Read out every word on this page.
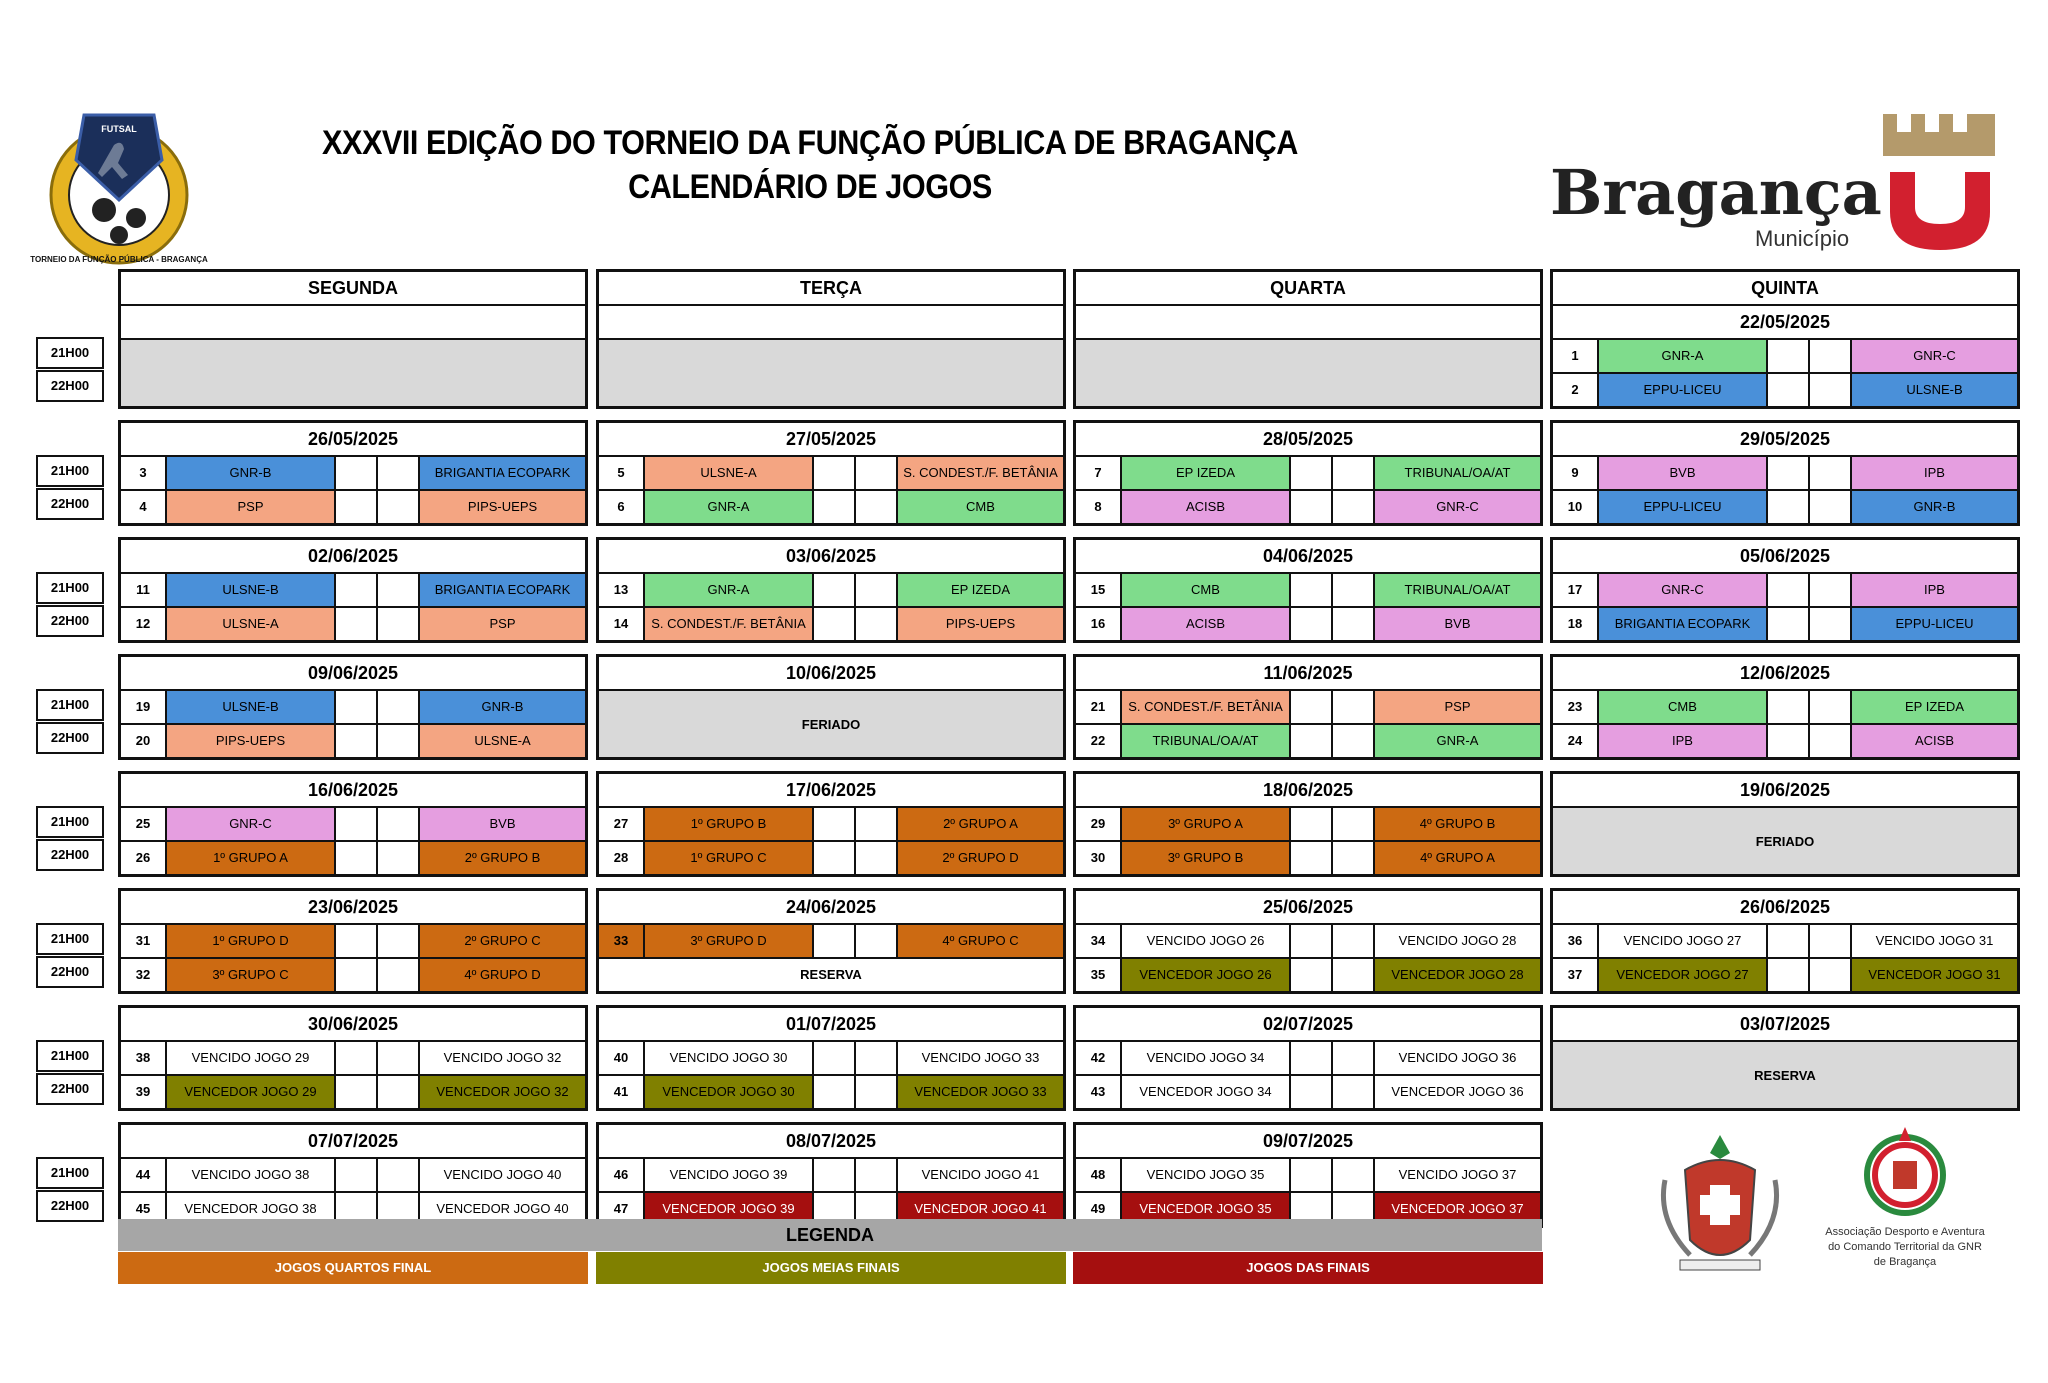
FUTSAL
TORNEIO DA FUNÇÃO PÚBLICA - BRAGANÇA
XXXVII EDIÇÃO DO TORNEIO DA FUNÇÃO PÚBLICA DE BRAGANÇA
CALENDÁRIO DE JOGOS	Bragança
Município
Associação Desporto e Aventura
do Comando Territorial da GNR
de Bragança
SEGUNDA	TERÇA	QUARTA	QUINTA
22/05/2025
1	GNR-A	GNR-C
2	EPPU-LICEU	ULSNE-B
21H00
22H00
21H00
22H00
26/05/2025
3	GNR-B	BRIGANTIA ECOPARK
4	PSP	PIPS-UEPS
27/05/2025
5	ULSNE-A	S. CONDEST./F. BETÂNIA
6	GNR-A	CMB
28/05/2025
7	EP IZEDA	TRIBUNAL/OA/AT
8	ACISB	GNR-C
29/05/2025
9	BVB	IPB
10	EPPU-LICEU	GNR-B
21H00
22H00
02/06/2025
11	ULSNE-B	BRIGANTIA ECOPARK
12	ULSNE-A	PSP
03/06/2025
13	GNR-A	EP IZEDA
14	S. CONDEST./F. BETÂNIA	PIPS-UEPS
04/06/2025
15	CMB	TRIBUNAL/OA/AT
16	ACISB	BVB
05/06/2025
17	GNR-C	IPB
18	BRIGANTIA ECOPARK	EPPU-LICEU
21H00
22H00
09/06/2025
19	ULSNE-B	GNR-B
20	PIPS-UEPS	ULSNE-A
10/06/2025
FERIADO
11/06/2025
21	S. CONDEST./F. BETÂNIA	PSP
22	TRIBUNAL/OA/AT	GNR-A
12/06/2025
23	CMB	EP IZEDA
24	IPB	ACISB
21H00
22H00
16/06/2025
25	GNR-C	BVB
26	1º GRUPO A	2º GRUPO B
17/06/2025
27	1º GRUPO B	2º GRUPO A
28	1º GRUPO C	2º GRUPO D
18/06/2025
29	3º GRUPO A	4º GRUPO B
30	3º GRUPO B	4º GRUPO A
19/06/2025
FERIADO
21H00
22H00
23/06/2025
31	1º GRUPO D	2º GRUPO C
32	3º GRUPO C	4º GRUPO D
24/06/2025
33	3º GRUPO D	4º GRUPO C
RESERVA
25/06/2025
34	VENCIDO JOGO 26	VENCIDO JOGO 28
35	VENCEDOR JOGO 26	VENCEDOR JOGO 28
26/06/2025
36	VENCIDO JOGO 27	VENCIDO JOGO 31
37	VENCEDOR JOGO 27	VENCEDOR JOGO 31
21H00
22H00
30/06/2025
38	VENCIDO JOGO 29	VENCIDO JOGO 32
39	VENCEDOR JOGO 29	VENCEDOR JOGO 32
01/07/2025
40	VENCIDO JOGO 30	VENCIDO JOGO 33
41	VENCEDOR JOGO 30	VENCEDOR JOGO 33
02/07/2025
42	VENCIDO JOGO 34	VENCIDO JOGO 36
43	VENCEDOR JOGO 34	VENCEDOR JOGO 36
03/07/2025
RESERVA
21H00
22H00
07/07/2025
44	VENCIDO JOGO 38	VENCIDO JOGO 40
45	VENCEDOR JOGO 38	VENCEDOR JOGO 40
08/07/2025
46	VENCIDO JOGO 39	VENCIDO JOGO 41
47	VENCEDOR JOGO 39	VENCEDOR JOGO 41
09/07/2025
48	VENCIDO JOGO 35	VENCIDO JOGO 37
49	VENCEDOR JOGO 35	VENCEDOR JOGO 37
LEGENDA
JOGOS QUARTOS FINAL	JOGOS MEIAS FINAIS	JOGOS DAS FINAIS
